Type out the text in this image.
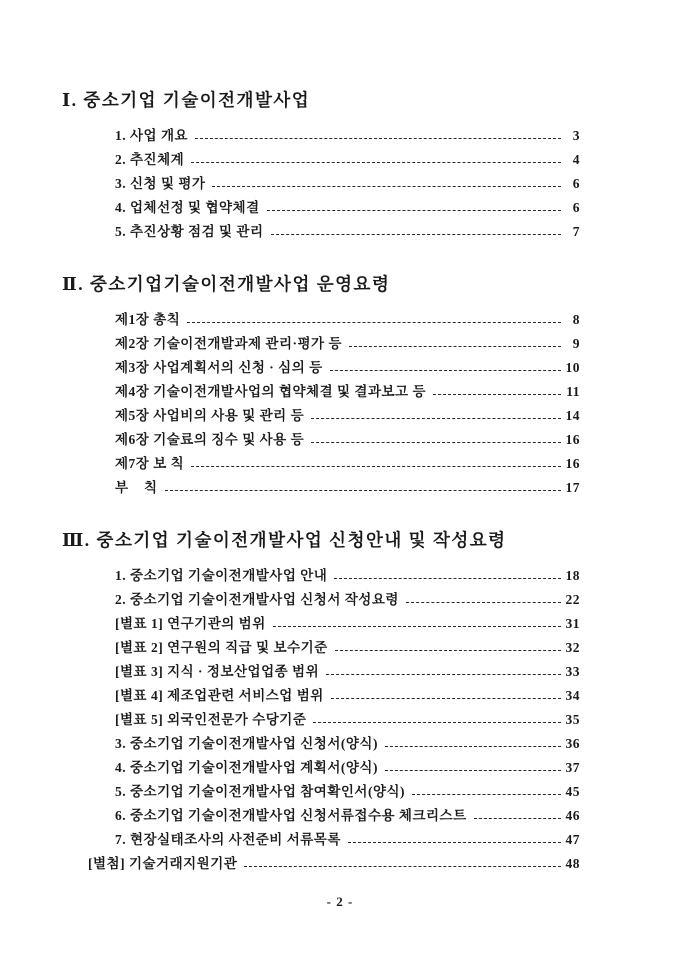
Ⅰ. 중소기업 기술이전개발사업
1. 사업 개요	3
2. 추진체계	4
3. 신청 및 평가	6
4. 업체선정 및 협약체결	6
5. 추진상황 점검 및 관리	7
Ⅱ. 중소기업기술이전개발사업 운영요령
제1장 총칙	8
제2장 기술이전개발과제 관리·평가 등	9
제3장 사업계획서의 신청 · 심의 등	10
제4장 기술이전개발사업의 협약체결 및 결과보고 등	11
제5장 사업비의 사용 및 관리 등	14
제6장 기술료의 징수 및 사용 등	16
제7장 보 칙	16
부    칙	17
Ⅲ. 중소기업 기술이전개발사업 신청안내 및 작성요령
1. 중소기업 기술이전개발사업 안내	18
2. 중소기업 기술이전개발사업 신청서 작성요령	22
[별표 1] 연구기관의 범위	31
[별표 2] 연구원의 직급 및 보수기준	32
[별표 3] 지식 · 정보산업업종 범위	33
[별표 4] 제조업관련 서비스업 범위	34
[별표 5] 외국인전문가 수당기준	35
3. 중소기업 기술이전개발사업 신청서(양식)	36
4. 중소기업 기술이전개발사업 계획서(양식)	37
5. 중소기업 기술이전개발사업 참여확인서(양식)	45
6. 중소기업 기술이전개발사업 신청서류접수용 체크리스트	46
7. 현장실태조사의 사전준비 서류목록	47
[별첨] 기술거래지원기관	48
- 2 -
